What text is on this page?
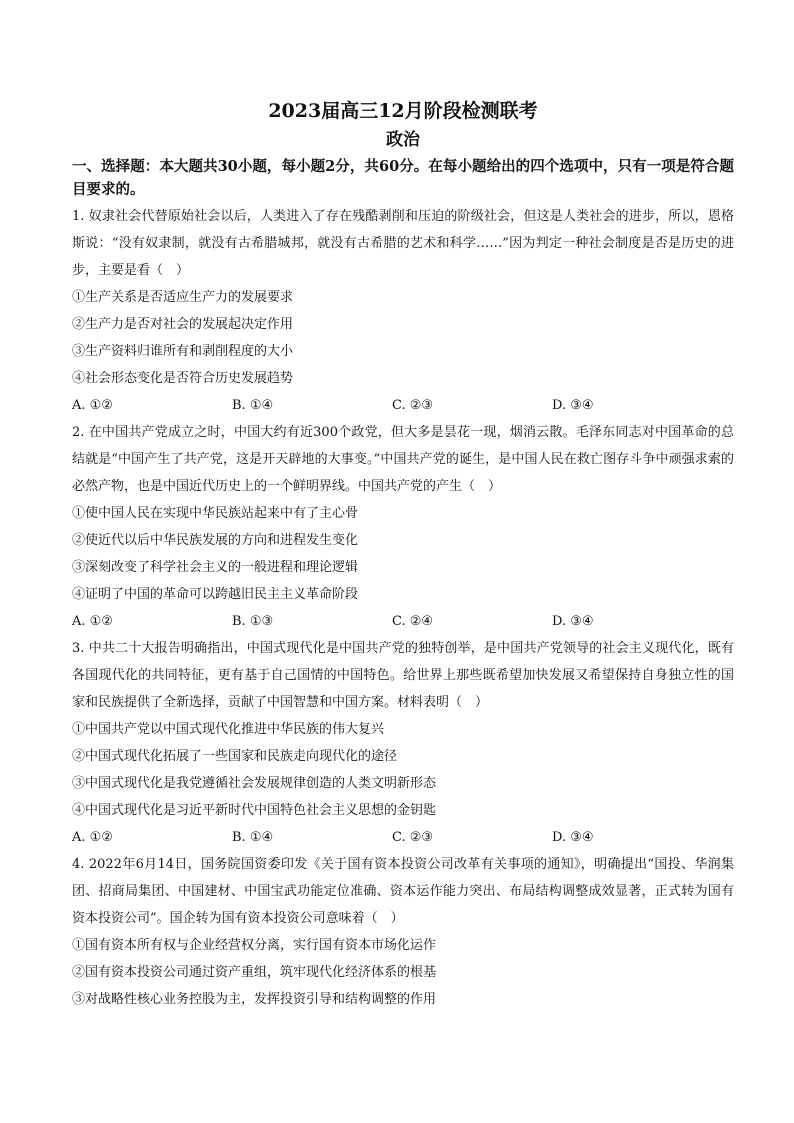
2023届高三12月阶段检测联考
政治

一、选择题：本大题共30小题，每小题2分，共60分。在每小题给出的四个选项中，只有一项是符合题目要求的。

1. 奴隶社会代替原始社会以后，人类进入了存在残酷剥削和压迫的阶级社会，但这是人类社会的进步，所以，恩格斯说：“没有奴隶制，就没有古希腊城邦，就没有古希腊的艺术和科学……”因为判定一种社会制度是否是历史的进步，主要是看（　）

①生产关系是否适应生产力的发展要求

②生产力是否对社会的发展起决定作用

③生产资料归谁所有和剥削程度的大小

④社会形态变化是否符合历史发展趋势

A. ①②	B. ①④	C. ②③	D. ③④

2. 在中国共产党成立之时，中国大约有近300个政党，但大多是昙花一现，烟消云散。毛泽东同志对中国革命的总结就是“中国产生了共产党，这是开天辟地的大事变。”中国共产党的诞生，是中国人民在救亡图存斗争中顽强求索的必然产物，也是中国近代历史上的一个鲜明界线。中国共产党的产生（　）

①使中国人民在实现中华民族站起来中有了主心骨

②使近代以后中华民族发展的方向和进程发生变化

③深刻改变了科学社会主义的一般进程和理论逻辑

④证明了中国的革命可以跨越旧民主主义革命阶段

A. ①②	B. ①③	C. ②④	D. ③④

3. 中共二十大报告明确指出，中国式现代化是中国共产党的独特创举，是中国共产党领导的社会主义现代化，既有各国现代化的共同特征，更有基于自己国情的中国特色。给世界上那些既希望加快发展又希望保持自身独立性的国家和民族提供了全新选择，贡献了中国智慧和中国方案。材料表明（　）

①中国共产党以中国式现代化推进中华民族的伟大复兴

②中国式现代化拓展了一些国家和民族走向现代化的途径

③中国式现代化是我党遵循社会发展规律创造的人类文明新形态

④中国式现代化是习近平新时代中国特色社会主义思想的金钥匙

A. ①②	B. ①④	C. ②③	D. ③④

4. 2022年6月14日，国务院国资委印发《关于国有资本投资公司改革有关事项的通知》，明确提出“国投、华润集团、招商局集团、中国建材、中国宝武功能定位准确、资本运作能力突出、布局结构调整成效显著，正式转为国有资本投资公司”。国企转为国有资本投资公司意味着（　）

①国有资本所有权与企业经营权分离，实行国有资本市场化运作

②国有资本投资公司通过资产重组，筑牢现代化经济体系的根基

③对战略性核心业务控股为主，发挥投资引导和结构调整的作用
